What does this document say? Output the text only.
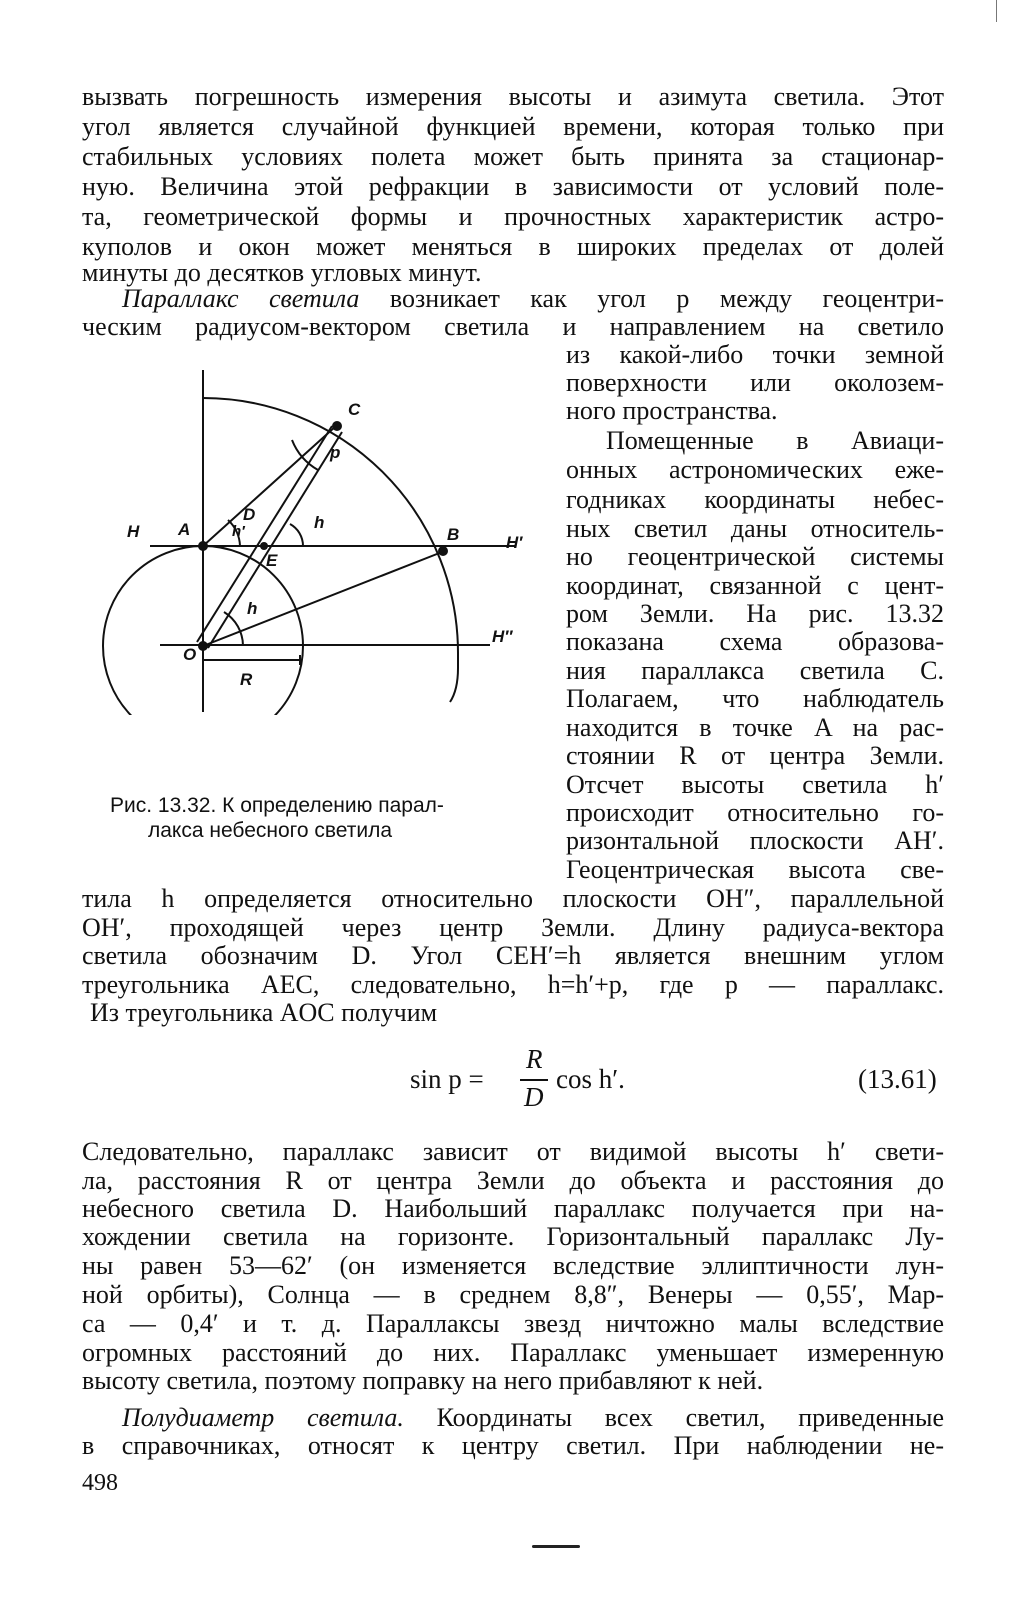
вызвать погрешность измерения высоты и азимута светила. Этот
угол является случайной функцией времени, которая только при
стабильных условиях полета может быть принята за стационар-
ную. Величина этой рефракции в зависимости от условий поле-
та, геометрической формы и прочностных характеристик астро-
куполов и окон может меняться в широких пределах от долей
минуты до десятков угловых минут.
Параллакс светила возникает как угол p между геоцентри-
ческим радиусом-вектором светила и направлением на светило
из какой-либо точки земной
поверхности или околозем-
ного пространства.
Помещенные в Авиаци-
онных астрономических еже-
годниках координаты небес-
ных светил даны относитель-
но геоцентрической системы
координат, связанной с цент-
ром Земли. На рис. 13.32
показана схема образова-
ния параллакса светила C.
Полагаем, что наблюдатель
находится в точке A на рас-
стоянии R от центра Земли.
Отсчет высоты светила h′
происходит относительно го-
ризонтальной плоскости AH′.
Геоцентрическая высота све-
C
p
H A
D
h′	h
B	H′
E
h
H″
O
R
Рис. 13.32. К определению парал-
лакса небесного светила
тила h определяется относительно плоскости OH″, параллельной
OH′, проходящей через центр Земли. Длину радиуса-вектора
светила обозначим D. Угол CEH′=h является внешним углом
треугольника AEC, следовательно, h=h′+p, где p — параллакс.
Из треугольника AOC получим
sin p =
R
D
cos h′.	(13.61)
Следовательно, параллакс зависит от видимой высоты h′ свети-
ла, расстояния R от центра Земли до объекта и расстояния до
небесного светила D. Наибольший параллакс получается при на-
хождении светила на горизонте. Горизонтальный параллакс Лу-
ны равен 53—62′ (он изменяется вследствие эллиптичности лун-
ной орбиты), Солнца — в среднем 8,8″, Венеры — 0,55′, Мар-
са — 0,4′ и т. д. Параллаксы звезд ничтожно малы вследствие
огромных расстояний до них. Параллакс уменьшает измеренную
высоту светила, поэтому поправку на него прибавляют к ней.
Полудиаметр светила. Координаты всех светил, приведенные
в справочниках, относят к центру светил. При наблюдении не-
498
